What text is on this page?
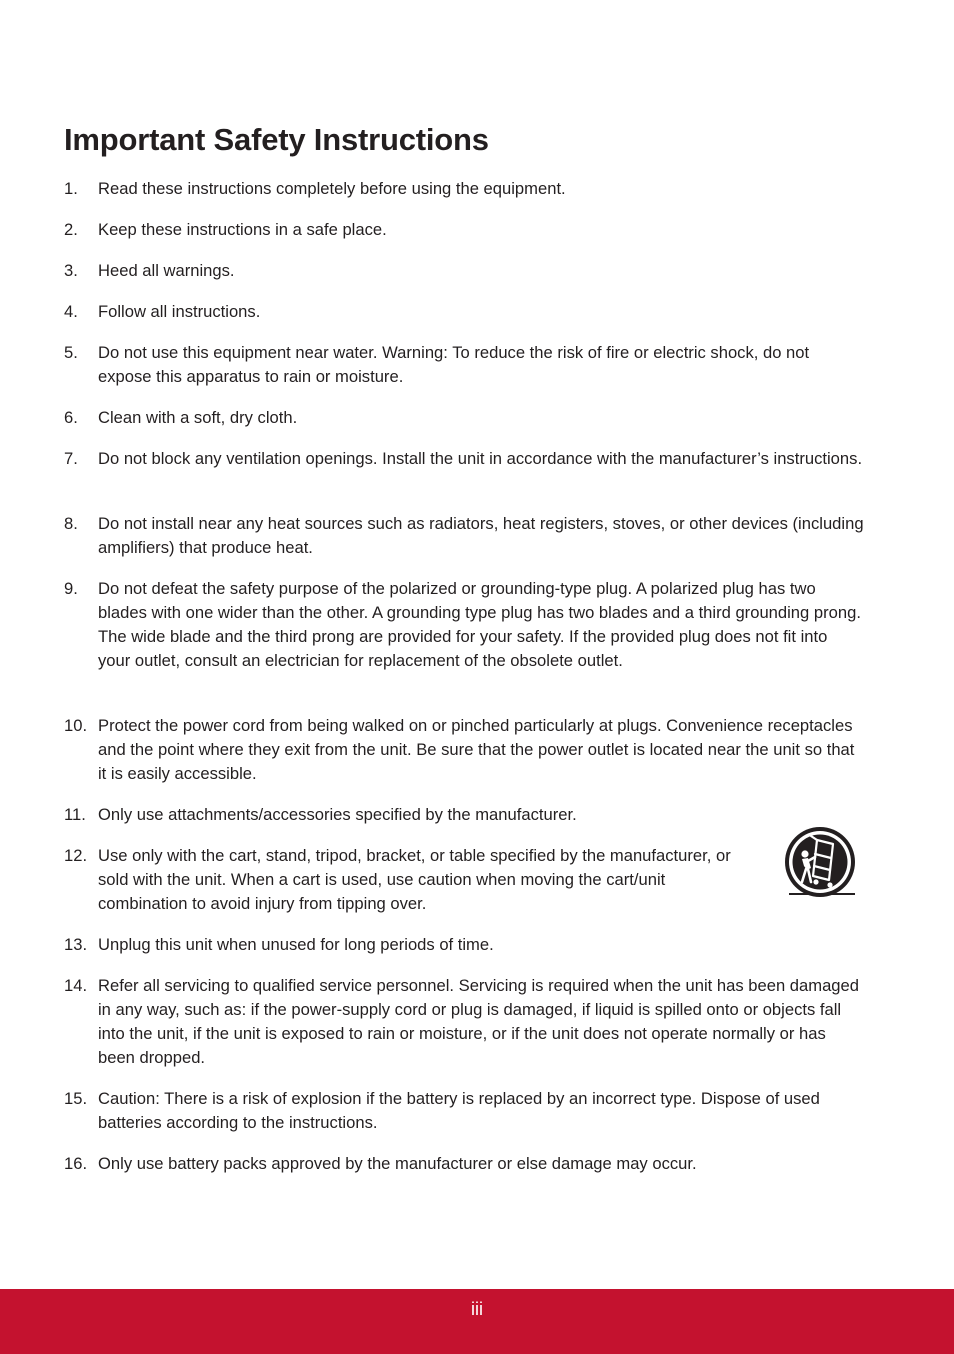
Important Safety Instructions
1. Read these instructions completely before using the equipment.
2. Keep these instructions in a safe place.
3. Heed all warnings.
4. Follow all instructions.
5. Do not use this equipment near water. Warning: To reduce the risk of fire or electric shock, do not expose this apparatus to rain or moisture.
6. Clean with a soft, dry cloth.
7. Do not block any ventilation openings. Install the unit in accordance with the manufacturer’s instructions.
8. Do not install near any heat sources such as radiators, heat registers, stoves, or other devices (including amplifiers) that produce heat.
9. Do not defeat the safety purpose of the polarized or grounding-type plug. A polarized plug has two blades with one wider than the other. A grounding type plug has two blades and a third grounding prong. The wide blade and the third prong are provided for your safety. If the provided plug does not fit into your outlet, consult an electrician for replacement of the obsolete outlet.
10. Protect the power cord from being walked on or pinched particularly at plugs. Convenience receptacles and the point where they exit from the unit. Be sure that the power outlet is located near the unit so that it is easily accessible.
11. Only use attachments/accessories specified by the manufacturer.
12. Use only with the cart, stand, tripod, bracket, or table specified by the manufacturer, or sold with the unit. When a cart is used, use caution when moving the cart/unit combination to avoid injury from tipping over.
13. Unplug this unit when unused for long periods of time.
14. Refer all servicing to qualified service personnel. Servicing is required when the unit has been damaged in any way, such as: if the power-supply cord or plug is damaged, if liquid is spilled onto or objects fall into the unit, if the unit is exposed to rain or moisture, or if the unit does not operate normally or has been dropped.
15. Caution: There is a risk of explosion if the battery is replaced by an incorrect type. Dispose of used batteries according to the instructions.
16. Only use battery packs approved by the manufacturer or else damage may occur.
iii
